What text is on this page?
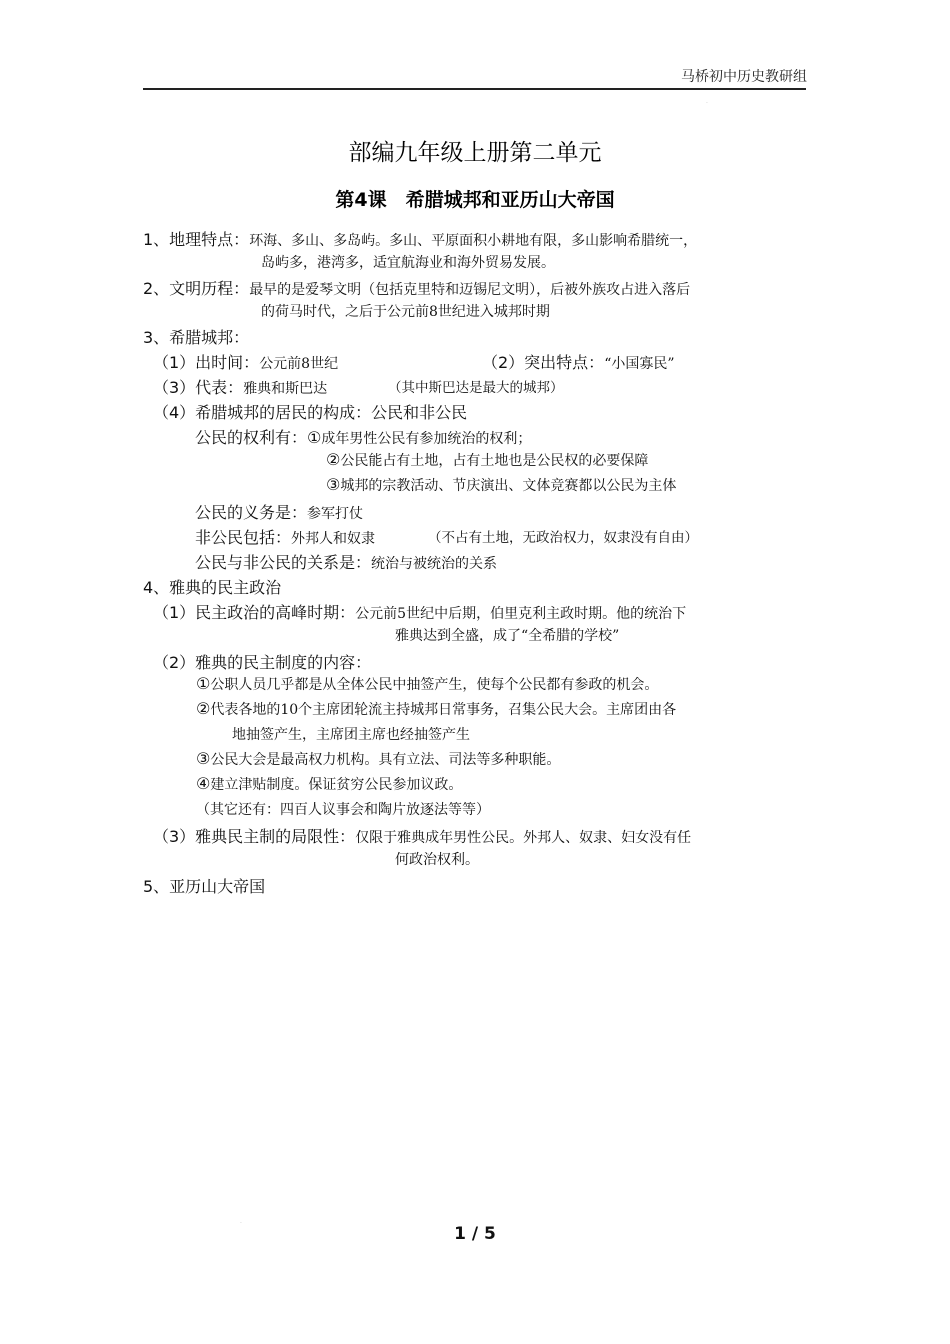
马桥初中历史教研组
·
部编九年级上册第二单元
第4课　希腊城邦和亚历山大帝国
1、地理特点：环海、多山、多岛屿。多山、平原面积小耕地有限，多山影响希腊统一，
岛屿多，港湾多，适宜航海业和海外贸易发展。
2、文明历程：最早的是爱琴文明（包括克里特和迈锡尼文明），后被外族攻占进入落后
的荷马时代，之后于公元前8世纪进入城邦时期
3、希腊城邦：
（1）出时间：公元前8世纪	（2）突出特点：“小国寡民”
（3）代表：雅典和斯巴达	（其中斯巴达是最大的城邦）
（4）希腊城邦的居民的构成：公民和非公民
公民的权利有：①成年男性公民有参加统治的权利；
②公民能占有土地，占有土地也是公民权的必要保障
③城邦的宗教活动、节庆演出、文体竞赛都以公民为主体
公民的义务是：参军打仗
非公民包括：外邦人和奴隶	（不占有土地，无政治权力，奴隶没有自由）
公民与非公民的关系是：统治与被统治的关系
4、雅典的民主政治
（1）民主政治的高峰时期：公元前5世纪中后期，伯里克利主政时期。他的统治下
雅典达到全盛，成了“全希腊的学校”
（2）雅典的民主制度的内容：
①公职人员几乎都是从全体公民中抽签产生，使每个公民都有参政的机会。
②代表各地的10个主席团轮流主持城邦日常事务，召集公民大会。主席团由各
地抽签产生，主席团主席也经抽签产生
③公民大会是最高权力机构。具有立法、司法等多种职能。
④建立津贴制度。保证贫穷公民参加议政。
（其它还有：四百人议事会和陶片放逐法等等）
（3）雅典民主制的局限性：仅限于雅典成年男性公民。外邦人、奴隶、妇女没有任
何政治权利。
5、亚历山大帝国
·
1 / 5
